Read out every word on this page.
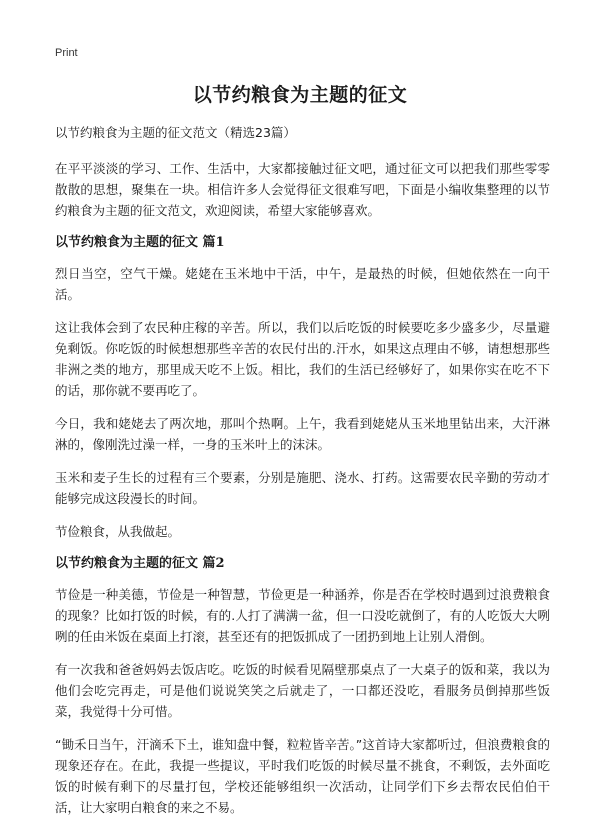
Print
以节约粮食为主题的征文

以节约粮食为主题的征文范文（精选23篇）

在平平淡淡的学习、工作、生活中，大家都接触过征文吧，通过征文可以把我们那些零零散散的思想，聚集在一块。相信许多人会觉得征文很难写吧，下面是小编收集整理的以节约粮食为主题的征文范文，欢迎阅读，希望大家能够喜欢。

以节约粮食为主题的征文 篇1

烈日当空，空气干燥。姥姥在玉米地中干活，中午，是最热的时候，但她依然在一向干活。

这让我体会到了农民种庄稼的辛苦。所以，我们以后吃饭的时候要吃多少盛多少，尽量避免剩饭。你吃饭的时候想想那些辛苦的农民付出的.汗水，如果这点理由不够，请想想那些非洲之类的地方，那里成天吃不上饭。相比，我们的生活已经够好了，如果你实在吃不下的话，那你就不要再吃了。

今日，我和姥姥去了两次地，那叫个热啊。上午，我看到姥姥从玉米地里钻出来，大汗淋淋的，像刚洗过澡一样，一身的玉米叶上的沫沫。

玉米和麦子生长的过程有三个要素，分别是施肥、浇水、打药。这需要农民辛勤的劳动才能够完成这段漫长的时间。

节俭粮食，从我做起。

以节约粮食为主题的征文 篇2

节俭是一种美德，节俭是一种智慧，节俭更是一种涵养，你是否在学校时遇到过浪费粮食的现象？比如打饭的时候，有的.人打了满满一盆，但一口没吃就倒了，有的人吃饭大大咧咧的任由米饭在桌面上打滚，甚至还有的把饭抓成了一团扔到地上让别人滑倒。

有一次我和爸爸妈妈去饭店吃。吃饭的时候看见隔壁那桌点了一大桌子的饭和菜，我以为他们会吃完再走，可是他们说说笑笑之后就走了，一口都还没吃，看服务员倒掉那些饭菜，我觉得十分可惜。

“锄禾日当午，汗滴禾下土，谁知盘中餐，粒粒皆辛苦。”这首诗大家都听过，但浪费粮食的现象还存在。在此，我提一些提议，平时我们吃饭的时候尽量不挑食，不剩饭，去外面吃饭的时候有剩下的尽量打包，学校还能够组织一次活动，让同学们下乡去帮农民伯伯干活，让大家明白粮食的来之不易。
